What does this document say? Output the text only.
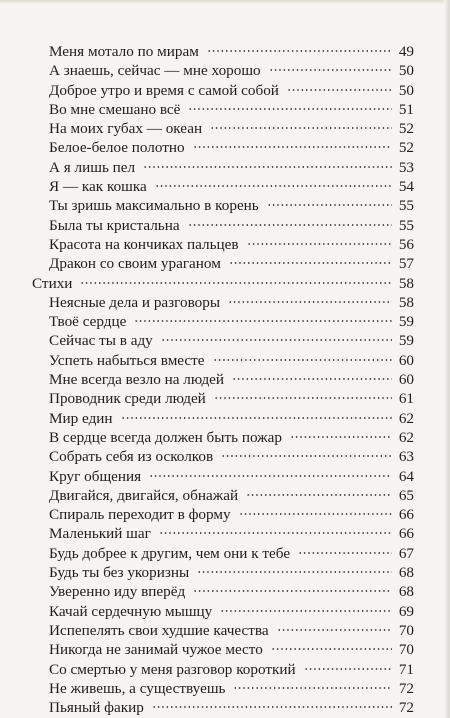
Меня мотало по мирам	49
А знаешь, сейчас — мне хорошо	50
Доброе утро и время с самой собой	50
Во мне смешано всё	51
На моих губах — океан	52
Белое-белое полотно	52
А я лишь пел	53
Я — как кошка	54
Ты зришь максимально в корень	55
Была ты кристальна	55
Красота на кончиках пальцев	56
Дракон со своим ураганом	57
Стихи	58
Неясные дела и разговоры	58
Твоё сердце	59
Сейчас ты в аду	59
Успеть набыться вместе	60
Мне всегда везло на людей	60
Проводник среди людей	61
Мир един	62
В сердце всегда должен быть пожар	62
Собрать себя из осколков	63
Круг общения	64
Двигайся, двигайся, обнажай	65
Спираль переходит в форму	66
Маленький шаг	66
Будь добрее к другим, чем они к тебе	67
Будь ты без укоризны	68
Уверенно иду вперёд	68
Качай сердечную мышцу	69
Испепелять свои худшие качества	70
Никогда не занимай чужое место	70
Со смертью у меня разговор короткий	71
Не живешь, а существуешь	72
Пьяный факир	72
